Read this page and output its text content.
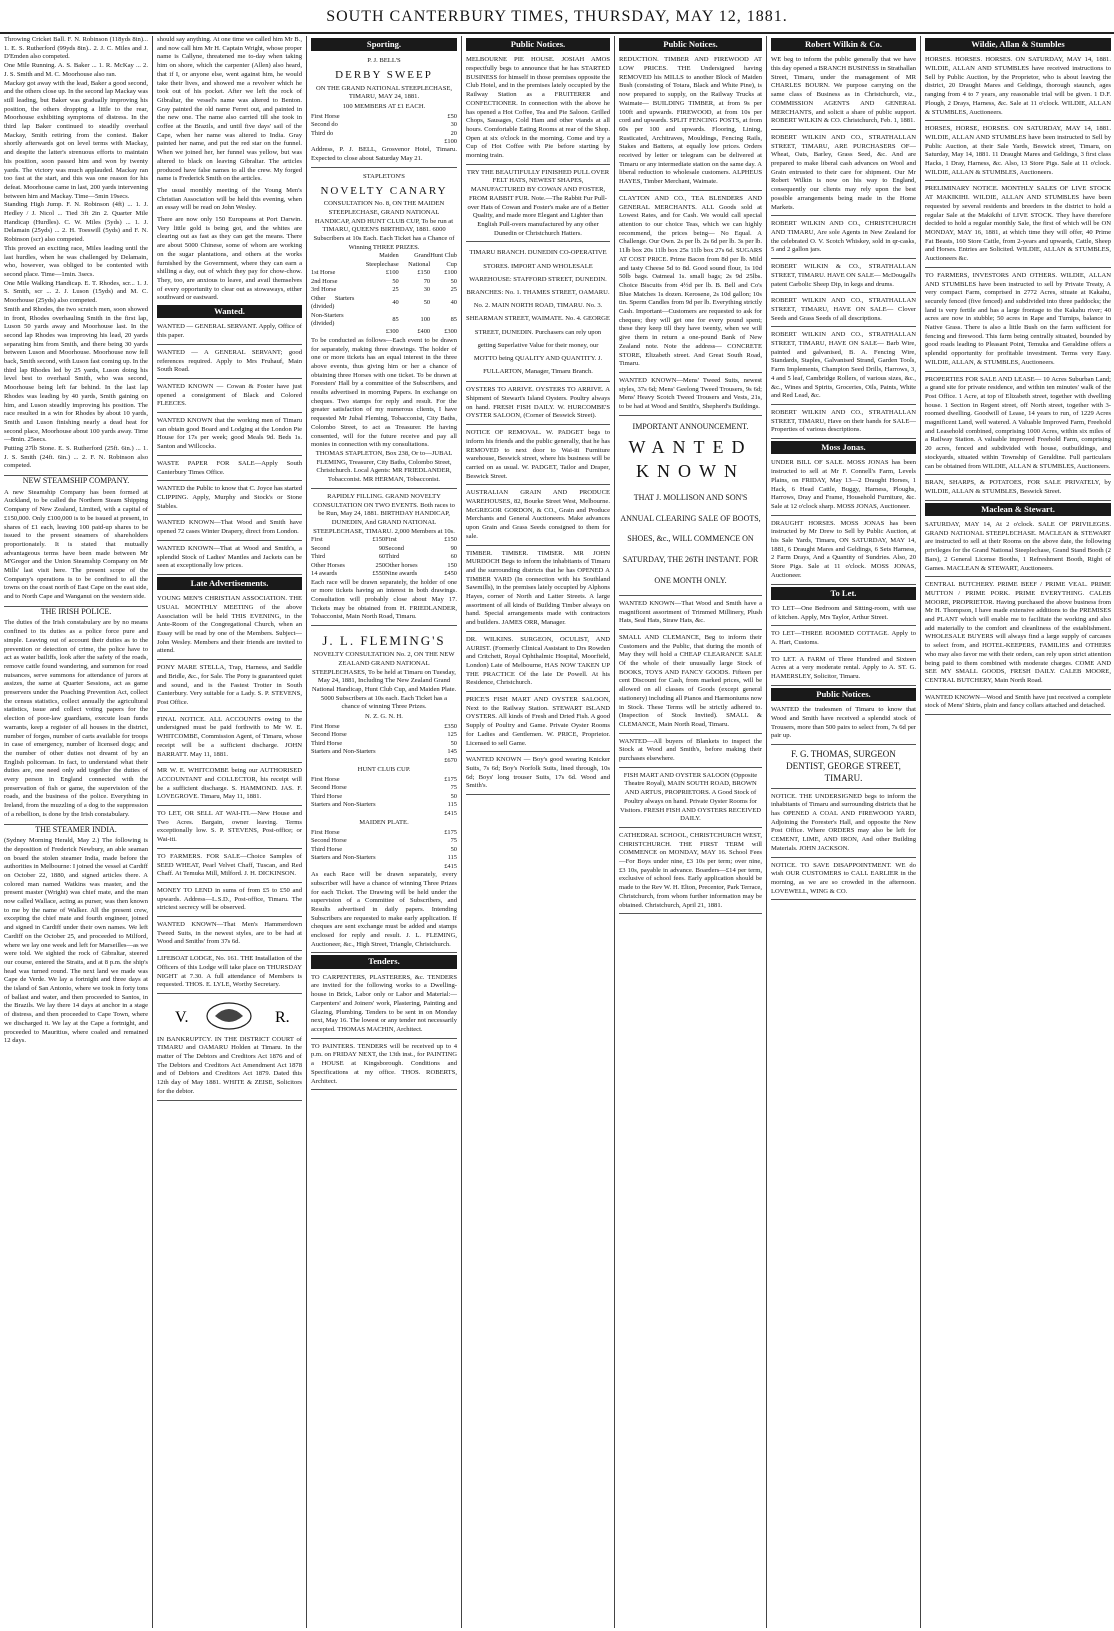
SOUTH CANTERBURY TIMES, THURSDAY, MAY 12, 1881.
Throwing Cricket Ball. F. N. Robinson (118yds 8in)... 1. E. S. Rutherford (99yds 8in).. 2. J. C. Miles and J. D'Emden also competed.
One Mile Running. A. S. Baker ... 1. R. McKay ... 2. J. S. Smith and M. C. Moorhouse also ran.
Mackay got away with the lead, Baker a good second, and the others close up. In the second lap Mackay was still leading, but Baker was gradually improving his position, the others dropping a little to the rear, Moorhouse exhibiting symptoms of distress. In the third lap Baker continued to steadily overhaul Mackay, Smith retiring from the contest. Baker shortly afterwards got on level terms with Mackay, and despite the latter's strenuous efforts to maintain his position, soon passed him and won by twenty yards. The victory was much applauded. Mackay ran too fast at the start, and this was one reason for his defeat. Moorhouse came in last, 200 yards intervening between him and Mackay. Time—5min 19secs.
Standing High Jump. F. N. Robinson (4ft) ... 1. J. Hedley / J. Nicol ... Tied 3ft 2in 2. Quarter Mile Handicap (Hurdles). C. W. Miles (5yds) ... 1. J. Delamain (25yds) ... 2. H. Toeswill (5yds) and F. N. Robinson (scr) also competed.
This proved an exciting race, Miles leading until the last hurdles, when he was challenged by Delamain, who, however, was obliged to be contented with second place. Time—1min. 3secs.
One Mile Walking Handicap. E. T. Rhodes, scr... 1. J. S. Smith, scr ... 2. J. Luson (15yds) and M. C. Moorhouse (25yds) also competed.
Smith and Rhodes, the two scratch men, soon showed in front, Rhodes overhauling Smith in the first lap, Luson 50 yards away and Moorhouse last. In the second lap Rhodes was improving his lead, 20 yards separating him from Smith, and there being 30 yards between Luson and Moorhouse. Moorhouse now fell back, Smith second, with Luson fast coming up. In the third lap Rhodes led by 25 yards, Luson doing his level best to overhaul Smith, who was second, Moorhouse being left far behind. In the last lap Rhodes was leading by 40 yards, Smith gaining on him, and Luson steadily improving his position. The race resulted in a win for Rhodes by about 10 yards, Smith and Luson finishing nearly a dead heat for second place, Moorhouse about 100 yards away. Time—8min. 25secs.
Putting 27lb Stone. E. S. Rutherford (25ft. 6in.) ... 1. J. S. Smith (24ft. 6in.) ... 2. F. N. Robinson also competed.
NEW STEAMSHIP COMPANY.
A new Steamship Company has been formed at Auckland, to be called the Northern Steam Shipping Company of New Zealand, Limited, with a capital of £150,000. Only £100,000 is to be issued at present, in shares of £1 each, leaving 100 paid-up shares to be issued to the present steamers of shareholders proportionately. It is stated that mutually advantageous terms have been made between Mr M'Gregor and the Union Steamship Company on Mr Mills' last visit here. The present scope of the Company's operations is to be confined to all the towns on the coast north of East Cape on the east side, and to North Cape and Wanganui on the western side.
THE IRISH POLICE.
The duties of the Irish constabulary are by no means confined to its duties as a police force pure and simple. Leaving out of account their duties as to the prevention or detection of crime, the police have to act as water bailiffs, look after the safety of the roads, remove cattle found wandering, and summon for road nuisances, serve summons for attendance of jurors at assizes, the same at Quarter Sessions, act as game preservers under the Poaching Prevention Act, collect the census statistics, collect annually the agricultural statistics, issue and collect voting papers for the election of poor-law guardians, execute loan funds warrants, keep a register of all houses in the district, number of forges, number of carts available for troops in case of emergency, number of licensed dogs; and the number of other duties not dreamt of by an English policeman. In fact, to understand what their duties are, one need only add together the duties of every person in England connected with the preservation of fish or game, the supervision of the roads, and the business of the police. Everything in Ireland, from the muzzling of a dog to the suppression of a rebellion, is done by the Irish constabulary.
THE STEAMER INDIA.
(Sydney Morning Herald, May 2.) The following is the deposition of Frederick Newbury, an able seaman on board the stolen steamer India, made before the authorities in Melbourne: I joined the vessel at Cardiff on October 22, 1880, and signed articles there. A colored man named Watkins was master, and the present master (Wright) was chief mate, and the man now called Wallace, acting as purser, was then known to me by the name of Walker. All the present crew, excepting the chief mate and fourth engineer, joined and signed in Cardiff under their own names. We left Cardiff on the October 25, and proceeded to Milford, where we lay one week and left for Marseilles—as we were told. We sighted the rock of Gibraltar, steered our course, entered the Straits, and at 8 p.m. the ship's head was turned round. The next land we made was Cape de Verde. We lay a fortnight and three days at the island of San Antonio, where we took in forty tons of ballast and water, and then proceeded to Santos, in the Brazils. We lay there 14 days at anchor in a stage of distress, and then proceeded to Cape Town, where we discharged it. We lay at the Cape a fortnight, and proceeded to Mauritius, where coaled and remained 12 days.
should say anything. At one time we called him Mr B., and now call him Mr H. Captain Wright, whose proper name is Callyne, threatened me to-day when taking him on shore, which the carpenter (Allen) also heard, that if I, or anyone else, went against him, he would take their lives, and showed me a revolver which he took out of his pocket. After we left the rock of Gibraltar, the vessel's name was altered to Benton. Gray painted the old name Ferret out, and painted in the new one. The name also carried till she took in coffee at the Brazils, and until five days' sail of the Cape, when her name was altered to India. Gray painted her name, and put the red star on the funnel. When we joined her, her funnel was yellow, but was altered to black on leaving Gibraltar. The articles produced have false names to all the crew. My forged name is Frederick Smith on the articles.
The usual monthly meeting of the Young Men's Christian Association will be held this evening, when an essay will be read on John Wesley.
There are now only 150 Europeans at Port Darwin. Very little gold is being got, and the whites are clearing out as fast as they can get the means. There are about 5000 Chinese, some of whom are working on the sugar plantations, and others at the works furnished by the Government, where they can earn a shilling a day, out of which they pay for chow-chow. They, too, are anxious to leave, and avail themselves of every opportunity to clear out as stowaways, either southward or eastward.
Wanted.
WANTED — GENERAL SERVANT. Apply, Office of this paper.
WANTED — A GENERAL SERVANT; good references required. Apply to Mrs Fruhauf, Main South Road.
WANTED KNOWN — Cowan & Foster have just opened a consignment of Black and Colored FLEECES.
WANTED KNOWN that the working men of Timaru can obtain good Board and Lodging at the London Pie House for 17s per week; good Meals 9d. Beds 1s. Santon and Willcocks.
WASTE PAPER FOR SALE—Apply South Canterbury Times Office.
WANTED the Public to know that C. Joyce has started CLIPPING. Apply, Murphy and Stock's or Stone Stables.
WANTED KNOWN—That Wood and Smith have opened 72 cases Winter Drapery, direct from London.
WANTED KNOWN—That at Wood and Smith's, a splendid Stock of Ladies' Mantles and Jackets can be seen at exceptionally low prices.
Late Advertisements.
YOUNG MEN'S CHRISTIAN ASSOCIATION. THE USUAL MONTHLY MEETING of the above Association will be held THIS EVENING, in the Ante-Room of the Congregational Church, when an Essay will be read by one of the Members. Subject—John Wesley. Members and their friends are invited to attend.
PONY MARE STELLA, Trap, Harness, and Saddle and Bridle, &c., for Sale. The Pony is guaranteed quiet and sound, and is the Fastest Trotter in South Canterbury. Very suitable for a Lady. S. P. STEVENS, Post Office.
FINAL NOTICE. ALL ACCOUNTS owing to the undersigned must be paid forthwith to Mr W. E. WHITCOMBE, Commission Agent, of Timaru, whose receipt will be a sufficient discharge. JOHN BARRATT. May 11, 1881.
MR W. E. WHITCOMBE being our AUTHORISED ACCOUNTANT and COLLECTOR, his receipt will be a sufficient discharge. S. HAMMOND. JAS. F. LOVEGROVE. Timaru, May 11, 1881.
TO LET, OR SELL AT WAI-ITI.—New House and Two Acres. Bargain, owner leaving. Terms exceptionally low. S. P. STEVENS, Post-office; or Wai-iti.
TO FARMERS. FOR SALE—Choice Samples of SEED WHEAT, Pearl Velvet Chaff, Tuscan, and Red Chaff. At Temuka Mill, Milford. J. H. DICKINSON.
MONEY TO LEND in sums of from £5 to £50 and upwards. Address—L.S.D., Post-office, Timaru. The strictest secrecy will be observed.
WANTED KNOWN—That Men's Hammerdown Tweed Suits, in the newest styles, are to be had at Wood and Smiths' from 37s 6d.
LIFEBOAT LODGE, No. 161. THE Installation of the Officers of this Lodge will take place on THURSDAY NIGHT at 7.30. A full attendance of Members is requested. THOS. E. LYLE, Worthy Secretary.
V.	R.
IN BANKRUPTCY. IN THE DISTRICT COURT of TIMARU and OAMARU Holden at Timaru. In the matter of The Debtors and Creditors Act 1876 and of The Debtors and Creditors Act Amendment Act 1878 and of Debtors and Creditors Act 1879. Dated this 12th day of May 1881. WHITE & ZEISE, Solicitors for the debtor.
Sporting.
P. J. BELL'S
DERBY SWEEP
ON THE GRAND NATIONAL STEEPLECHASE, TIMARU, MAY 24, 1881.
100 MEMBERS AT £1 EACH.
First Horse	£50
Second do	30
Third do	20
	£100
Address, P. J. BELL, Grosvenor Hotel, Timaru. Expected to close about Saturday May 21.
STAPLETON'S
NOVELTY CANARY
CONSULTATION No. 8, ON THE MAIDEN STEEPLECHASE, GRAND NATIONAL HANDICAP, AND HUNT CLUB CUP, To be run at TIMARU, QUEEN'S BIRTHDAY, 1881. 6000 Subscribers at 10s Each. Each Ticket has a Chance of Winning THREE PRIZES.
	Maiden Steeplechase	Grand National	Hunt Club Cup
1st Horse	£100	£150	£100
2nd Horse	50	70	50
3rd Horse	25	30	25
Other Starters (divided)	40	50	40
Non-Starters (divided)	85	100	85
	£300	£400	£300
To be conducted as follows—Each event to be drawn for separately, making three drawings. The holder of one or more tickets has an equal interest in the three above events, thus giving him or her a chance of obtaining three Horses with one ticket. To be drawn at Foresters' Hall by a committee of the Subscribers, and results advertised in morning Papers. In exchange on cheques. Two stamps for reply and result. For the greater satisfaction of my numerous clients, I have requested Mr Jubal Fleming, Tobacconist, City Baths, Colombo Street, to act as Treasurer. He having consented, will for the future receive and pay all monies in connection with my consultations.
THOMAS STAPLETON, Box 238, Or to—JUBAL FLEMING, Treasurer, City Baths, Colombo Street, Christchurch. Local Agents: MR FRIEDLANDER, Tobacconist. MR HERMAN, Tobacconist.
RAPIDLY FILLING. GRAND NOVELTY CONSULTATION ON TWO EVENTS. Both races to be Run, May 24, 1881. BIRTHDAY HANDICAP, DUNEDIN, And GRAND NATIONAL STEEPLECHASE, TIMARU. 2,000 Members at 10s.
First	£150	First	£150
Second	90	Second	90
Third	60	Third	60
Other Horses	250	Other horses	150
14 awards	£550	Nine awards	£450
Each race will be drawn separately, the holder of one or more tickets having an interest in both drawings. Consultation will probably close about May 17. Tickets may be obtained from H. FRIEDLANDER, Tobacconist, Main North Road, Timaru.
J. L. FLEMING'S
NOVELTY CONSULTATION No. 2, ON THE NEW ZEALAND GRAND NATIONAL STEEPLECHASES, To be held at Timaru on Tuesday, May 24, 1881, Including The New Zealand Grand National Handicap, Hunt Club Cup, and Maiden Plate. 5000 Subscribers at 10s each. Each Ticket has a chance of winning Three Prizes.
N. Z. G. N. H.
First Horse	£350
Second Horse	125
Third Horse	50
Starters and Non-Starters	145
	£670
HUNT CLUB CUP.
First Horse	£175
Second Horse	75
Third Horse	50
Starters and Non-Starters	115
	£415
MAIDEN PLATE.
First Horse	£175
Second Horse	75
Third Horse	50
Starters and Non-Starters	115
	£415
As each Race will be drawn separately, every subscriber will have a chance of winning Three Prizes for each Ticket. The Drawing will be held under the supervision of a Committee of Subscribers, and Results advertised in daily papers. Intending Subscribers are requested to make early application. If cheques are sent exchange must be added and stamps enclosed for reply and result. J. L. FLEMING, Auctioneer, &c., High Street, Triangle, Christchurch.
Tenders.
TO CARPENTERS, PLASTERERS, &c. TENDERS are invited for the following works to a Dwelling-house in Brick, Labor only or Labor and Material:— Carpenters' and Joiners' work, Plastering, Painting and Glazing, Plumbing. Tenders to be sent in on Monday next, May 16. The lowest or any tender not necessarily accepted. THOMAS MACHIN, Architect.
TO PAINTERS. TENDERS will be received up to 4 p.m. on FRIDAY NEXT, the 13th inst., for PAINTING a HOUSE at Kingsborough. Conditions and Specifications at my office. THOS. ROBERTS, Architect.
Public Notices.
MELBOURNE PIE HOUSE. JOSIAH AMOS respectfully begs to announce that he has STARTED BUSINESS for himself in those premises opposite the Club Hotel, and in the premises lately occupied by the Railway Station as a FRUITERER and CONFECTIONER. In connection with the above he has opened a Hot Coffee, Tea and Pie Saloon. Grilled Chops, Sausages, Cold Ham and other viands at all hours. Comfortable Eating Rooms at rear of the Shop. Open at six o'clock in the morning. Come and try a Cup of Hot Coffee with Pie before starting by morning train.
TRY THE BEAUTIFULLY FINISHED PULL OVER FELT HATS, NEWEST SHAPES, MANUFACTURED BY COWAN AND FOSTER, FROM RABBIT FUR. Note.—The Rabbit Fur Pull-over Hats of Cowan and Foster's make are of a Better Quality, and made more Elegant and Lighter than English Pull-overs manufactured by any other Dunedin or Christchurch Hatters.
TIMARU BRANCH. DUNEDIN CO-OPERATIVE STORES. IMPORT AND WHOLESALE WAREHOUSE: STAFFORD STREET, DUNEDIN. BRANCHES: No. 1. THAMES STREET, OAMARU. No. 2. MAIN NORTH ROAD, TIMARU. No. 3. SHEARMAN STREET, WAIMATE. No. 4. GEORGE STREET, DUNEDIN. Purchasers can rely upon getting Superlative Value for their money, our MOTTO being QUALITY AND QUANTITY. J. FULLARTON, Manager, Timaru Branch.
OYSTERS TO ARRIVE. OYSTERS TO ARRIVE. A Shipment of Stewart's Island Oysters. Poultry always on hand. FRESH FISH DAILY. W. HURCOMBE'S OYSTER SALOON, (Corner of Beswick Street).
NOTICE OF REMOVAL. W. PADGET begs to inform his friends and the public generally, that he has REMOVED to next door to Wai-iti Furniture warehouse, Beswick street, where his business will be carried on as usual. W. PADGET, Tailor and Draper, Beswick Street.
AUSTRALIAN GRAIN AND PRODUCE WAREHOUSES, 82, Bourke Street West, Melbourne. McGREGOR GORDON, & CO., Grain and Produce Merchants and General Auctioneers. Make advances upon Grain and Grass Seeds consigned to them for sale.
TIMBER. TIMBER. TIMBER. MR JOHN MURDOCH Begs to inform the inhabitants of Timaru and the surrounding districts that he has OPENED A TIMBER YARD (In connection with his Southland Sawmills), in the premises lately occupied by Alphons Hayes, corner of North and Latter Streets. A large assortment of all kinds of Building Timber always on hand. Special arrangements made with contractors and builders. JAMES ORR, Manager.
DR. WILKINS. SURGEON, OCULIST, AND AURIST. (Formerly Clinical Assistant to Drs Rowden and Critchett, Royal Ophthalmic Hospital, Moorfield, London) Late of Melbourne, HAS NOW TAKEN UP THE PRACTICE Of the late Dr Powell. At his Residence, Christchurch.
PRICE'S FISH MART AND OYSTER SALOON, Next to the Railway Station. STEWART ISLAND OYSTERS. All kinds of Fresh and Dried Fish. A good Supply of Poultry and Game. Private Oyster Rooms for Ladies and Gentlemen. W. PRICE, Proprietor. Licensed to sell Game.
WANTED KNOWN — Boy's good wearing Knicker Suits, 7s 6d; Boy's Norfolk Suits, lined through, 10s 6d; Boys' long trouser Suits, 17s 6d. Wood and Smith's.
Public Notices.
REDUCTION. TIMBER AND FIREWOOD AT LOW PRICES. THE Undersigned having REMOVED his MILLS to another Block of Maiden Bush (consisting of Totara, Black and White Pine), is now prepared to supply, on the Railway Trucks at Waimate— BUILDING TIMBER, at from 9s per 100ft and upwards. FIREWOOD, at from 10s per cord and upwards. SPLIT FENCING POSTS, at from 60s per 100 and upwards. Flooring, Lining, Rusticated, Architraves, Mouldings, Fencing Rails, Stakes and Battens, at equally low prices. Orders received by letter or telegram can be delivered at Timaru or any intermediate station on the same day. A liberal reduction to wholesale customers. ALPHEUS HAYES, Timber Merchant, Waimate.
CLAYTON AND CO., TEA BLENDERS AND GENERAL MERCHANTS. ALL Goods sold at Lowest Rates, and for Cash. We would call special attention to our choice Teas, which we can highly recommend, the prices being— No Equal. A Challenge. Our Own. 2s per lb. 2s 6d per lb. 3s per lb. 11lb box 20s 11lb box 25s 11lb box 27s 6d. SUGARS AT COST PRICE. Prime Bacon from 8d per lb. Mild and tasty Cheese 5d to 8d. Good sound flour, 1s 10d 50lb bags. Oatmeal 1s. small bags; 2s 9d 25lbs. Choice Biscuits from 4½d per lb. B. Bell and Co's Blue Matches 1s dozen. Kerosene, 2s 10d gallon; 10s tin. Sperm Candles from 9d per lb. Everything strictly Cash. Important—Customers are requested to ask for cheques; they will get one for every pound spent; these they keep till they have twenty, when we will give them in return a one-pound Bank of New Zealand note. Note the address— CONCRETE STORE, Elizabeth street. And Great South Road, Timaru.
WANTED KNOWN—Mens' Tweed Suits, newest styles, 37s 6d; Mens' Geelong Tweed Trousers, 9s 6d; Mens' Heavy Scotch Tweed Trousers and Vests, 21s, to be had at Wood and Smith's, Shepherd's Buildings.
IMPORTANT ANNOUNCEMENT.
WANTED KNOWN
THAT J. MOLLISON AND SON'S ANNUAL CLEARING SALE OF BOOTS, SHOES, &c., WILL COMMENCE ON SATURDAY, THE 26TH INSTANT. FOR ONE MONTH ONLY.
WANTED KNOWN—That Wood and Smith have a magnificent assortment of Trimmed Millinery, Plush Hats, Seal Hats, Straw Hats, &c.
SMALL AND CLEMANCE, Beg to inform their Customers and the Public, that during the month of May they will hold a CHEAP CLEARANCE SALE Of the whole of their unusually large Stock of BOOKS, TOYS AND FANCY GOODS. Fifteen per cent Discount for Cash, from marked prices, will be allowed on all classes of Goods (except general stationery) including all Pianos and Harmoniums now in Stock. These Terms will be strictly adhered to. (Inspection of Stock Invited). SMALL & CLEMANCE, Main North Road, Timaru.
WANTED—All buyers of Blankets to inspect the Stock at Wood and Smith's, before making their purchases elsewhere.
FISH MART AND OYSTER SALOON (Opposite Theatre Royal), MAIN SOUTH ROAD, BROWN AND ARTUS, PROPRIETORS. A Good Stock of Poultry always on hand. Private Oyster Rooms for Visitors. FRESH FISH AND OYSTERS RECEIVED DAILY.
CATHEDRAL SCHOOL, CHRISTCHURCH WEST, CHRISTCHURCH. THE FIRST TERM will COMMENCE on MONDAY, MAY 16. School Fees—For Boys under nine, £3 10s per term; over nine, £3 10s, payable in advance. Boarders—£14 per term, exclusive of school fees. Early application should be made to the Rev W. H. Elton, Precentor, Park Terrace, Christchurch, from whom further information may be obtained. Christchurch, April 21, 1881.
Robert Wilkin & Co.
WE beg to inform the public generally that we have this day opened a BRANCH BUSINESS in Strathallan Street, Timaru, under the management of MR CHARLES BOURN. We purpose carrying on the same class of Business as in Christchurch, viz., COMMISSION AGENTS AND GENERAL MERCHANTS, and solicit a share of public support. ROBERT WILKIN & CO. Christchurch, Feb. 1, 1881.
ROBERT WILKIN AND CO., STRATHALLAN STREET, TIMARU, ARE PURCHASERS OF— Wheat, Oats, Barley, Grass Seed, &c. And are prepared to make liberal cash advances on Wool and Grain entrusted to their care for shipment. Our Mr Robert Wilkin is now on his way to England, consequently our clients may rely upon the best possible arrangements being made in the Home Markets.
ROBERT WILKIN AND CO., CHRISTCHURCH AND TIMARU, Are sole Agents in New Zealand for the celebrated O. V. Scotch Whiskey, sold in qr-casks, 5 and 2 gallon jars.
ROBERT WILKIN & CO., STRATHALLAN STREET, TIMARU. HAVE ON SALE— McDougall's patent Carbolic Sheep Dip, in kegs and drums.
ROBERT WILKIN AND CO., STRATHALLAN STREET, TIMARU, HAVE ON SALE— Clover Seeds and Grass Seeds of all descriptions.
ROBERT WILKIN AND CO., STRATHALLAN STREET, TIMARU, HAVE ON SALE— Barb Wire, painted and galvanised, B. A. Fencing Wire, Standards, Staples, Galvanised Strand, Garden Tools, Farm Implements, Champion Seed Drills, Harrows, 3, 4 and 5 leaf, Cambridge Rollers, of various sizes, &c., &c., Wines and Spirits, Groceries, Oils, Paints, White and Red Lead, &c.
ROBERT WILKIN AND CO., STRATHALLAN STREET, TIMARU, Have on their hands for SALE— Properties of various descriptions.
Moss Jonas.
UNDER BILL OF SALE. MOSS JONAS has been instructed to sell at Mr F. Connell's Farm, Levels Plains, on FRIDAY, May 13—2 Draught Horses, 1 Hack, 6 Head Cattle, Buggy, Harness, Ploughs, Harrows, Dray and Frame, Household Furniture, &c. Sale at 12 o'clock sharp. MOSS JONAS, Auctioneer.
DRAUGHT HORSES. MOSS JONAS has been instructed by Mr Drew to Sell by Public Auction, at his Sale Yards, Timaru, ON SATURDAY, MAY 14, 1881, 6 Draught Mares and Geldings, 6 Sets Harness, 2 Farm Drays, And a Quantity of Sundries. Also, 20 Store Pigs. Sale at 11 o'clock. MOSS JONAS, Auctioneer.
To Let.
TO LET—One Bedroom and Sitting-room, with use of kitchen. Apply, Mrs Taylor, Arthur Street.
TO LET—THREE ROOMED COTTAGE. Apply to A. Hart, Customs.
TO LET. A FARM of Three Hundred and Sixteen Acres at a very moderate rental. Apply to A. ST. G. HAMERSLEY, Solicitor, Timaru.
Public Notices.
WANTED the tradesmen of Timaru to know that Wood and Smith have received a splendid stock of Trousers, more than 500 pairs to select from, 7s 6d per pair up.
F. G. THOMAS, SURGEON DENTIST, GEORGE STREET, TIMARU.
NOTICE. THE UNDERSIGNED begs to inform the inhabitants of Timaru and surrounding districts that he has OPENED A COAL AND FIREWOOD YARD, Adjoining the Forester's Hall, and opposite the New Post Office. Where ORDERS may also be left for CEMENT, LIME, AND IRON, And other Building Materials. JOHN JACKSON.
NOTICE. TO SAVE DISAPPOINTMENT. WE do wish OUR CUSTOMERS to CALL EARLIER in the morning, as we are so crowded in the afternoon. LOVEWELL, WING & CO.
Wildie, Allan & Stumbles
HORSES. HORSES. HORSES. ON SATURDAY, MAY 14, 1881. WILDIE, ALLAN AND STUMBLES have received instructions to Sell by Public Auction, by the Proprietor, who is about leaving the district, 20 Draught Mares and Geldings, thorough staunch, ages ranging from 4 to 7 years, any reasonable trial will be given. 1 D.F. Plough, 2 Drays, Harness, &c. Sale at 11 o'clock. WILDIE, ALLAN & STUMBLES, Auctioneers.
HORSES, HORSE, HORSES. ON SATURDAY, MAY 14, 1881. WILDIE, ALLAN AND STUMBLES have been instructed to Sell by Public Auction, at their Sale Yards, Beswick street, Timaru, on Saturday, May 14, 1881. 11 Draught Mares and Geldings, 3 first class Hacks, 1 Dray, Harness, &c. Also, 13 Store Pigs. Sale at 11 o'clock. WILDIE, ALLAN & STUMBLES, Auctioneers.
PRELIMINARY NOTICE. MONTHLY SALES OF LIVE STOCK AT MAKIKIHI. WILDIE, ALLAN AND STUMBLES have been requested by several residents and breeders in the district to hold a regular Sale at the Makikihi of LIVE STOCK. They have therefore decided to hold a regular monthly Sale, the first of which will be ON MONDAY, MAY 16, 1881, at which time they will offer, 40 Prime Fat Beasts, 160 Store Cattle, from 2-years and upwards, Cattle, Sheep and Horses. Entries are Solicited. WILDIE, ALLAN & STUMBLES, Auctioneers &c.
TO FARMERS, INVESTORS AND OTHERS. WILDIE, ALLAN AND STUMBLES have been instructed to sell by Private Treaty, A very compact Farm, comprised in 2772 Acres, situate at Kakahu, securely fenced (five fenced) and subdivided into three paddocks; the land is very fertile and has a large frontage to the Kakahu river; 40 acres are now in stubble; 50 acres in Rape and Turnips, balance in Native Grass. There is also a little Bush on the farm sufficient for fencing and firewood. This farm being centrally situated, bounded by good roads leading to Pleasant Point, Temuka and Geraldine offers a splendid opportunity for profitable investment. Terms very Easy. WILDIE, ALLAN, & STUMBLES, Auctioneers.
PROPERTIES FOR SALE AND LEASE— 10 Acres Suburban Land; a grand site for private residence, and within ten minutes' walk of the Post Office. 1 Acre, at top of Elizabeth street, together with dwelling house. 1 Section in Regent street, off North street, together with 3-roomed dwelling. Goodwill of Lease, 14 years to run, of 1229 Acres magnificent Land, well watered. A Valuable Improved Farm, Freehold and Leasehold combined, comprising 1000 Acres, within six miles of a Railway Station. A valuable improved Freehold Farm, comprising 20 acres, fenced and subdivided with house, outbuildings, and stockyards, situated within Township of Geraldine. Full particulars can be obtained from WILDIE, ALLAN & STUMBLES, Auctioneers.
BRAN, SHARPS, & POTATOES, FOR SALE PRIVATELY, by WILDIE, ALLAN & STUMBLES, Beswick Street.
Maclean & Stewart.
SATURDAY, MAY 14, At 2 o'clock. SALE OF PRIVILEGES. GRAND NATIONAL STEEPLECHASE. MACLEAN & STEWART are instructed to sell at their Rooms on the above date, the following privileges for the Grand National Steeplechase, Grand Stand Booth (2 Bars), 2 General License Booths, 1 Refreshment Booth, Right of Games. MACLEAN & STEWART, Auctioneers.
CENTRAL BUTCHERY. PRIME BEEF / PRIME VEAL. PRIME MUTTON / PRIME PORK. PRIME EVERYTHING. CALEB MOORE, PROPRIETOR. Having purchased the above business from Mr H. Thompson, I have made extensive additions to the PREMISES and PLANT which will enable me to facilitate the working and also add materially to the comfort and cleanliness of the establishment. WHOLESALE BUYERS will always find a large supply of carcases to select from, and HOTEL-KEEPERS, FAMILIES and OTHERS who may also favor me with their orders, can rely upon strict attention being paid to them combined with moderate charges. COME AND SEE MY SMALL GOODS, FRESH DAILY. CALEB MOORE, CENTRAL BUTCHERY, Main North Road.
WANTED KNOWN—Wood and Smith have just received a complete stock of Mens' Shirts, plain and fancy collars attached and detached.
